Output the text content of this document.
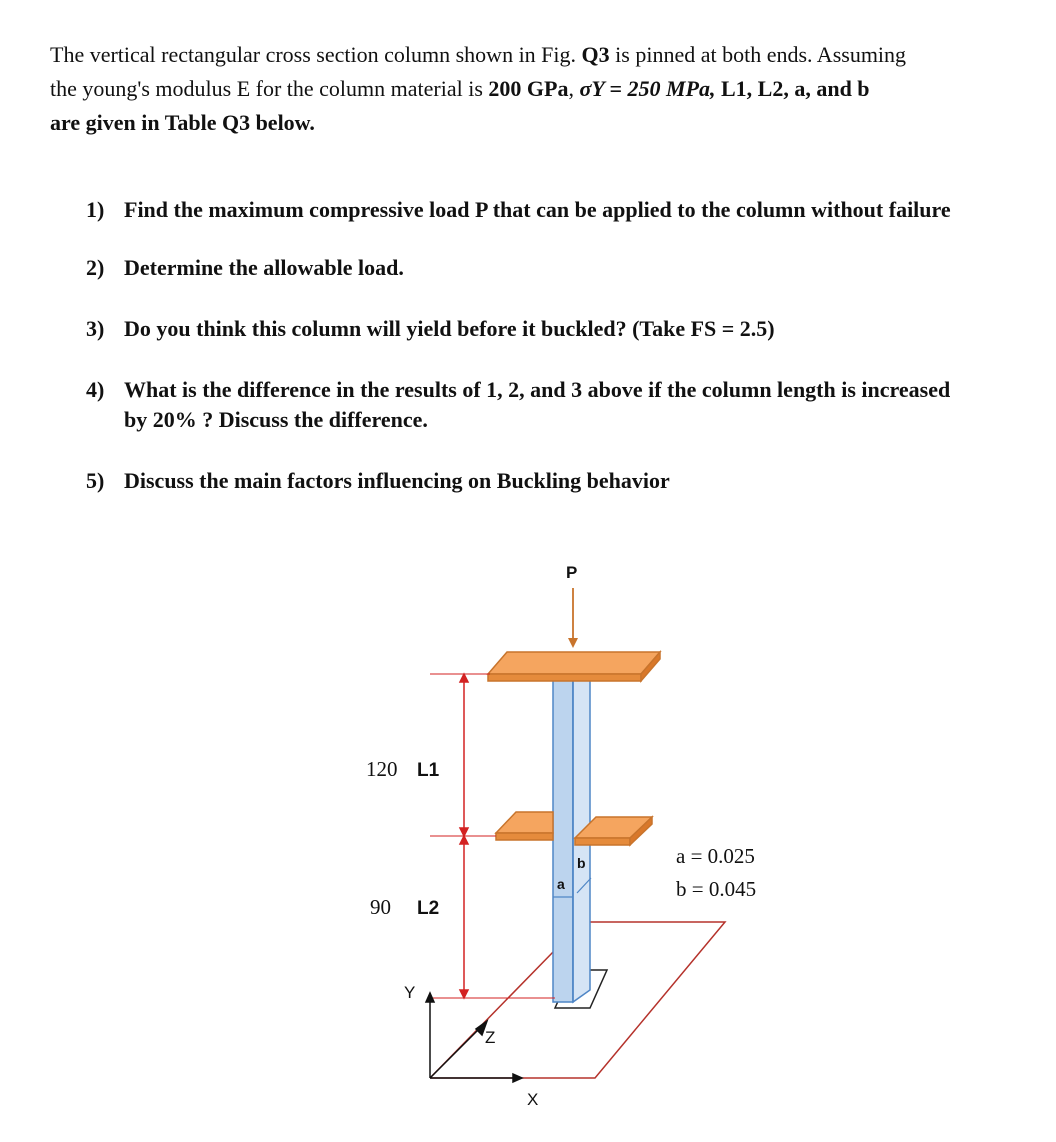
The vertical rectangular cross section column shown in Fig. Q3 is pinned at both ends. Assuming
the young's modulus E for the column material is 200 GPa, σY = 250 MPa, L1, L2, a, and b
are given in Table Q3 below.
1) Find the maximum compressive load P that can be applied to the column without failure
2) Determine the allowable load.
3) Do you think this column will yield before it buckled? (Take FS = 2.5)
4) What is the difference in the results of 1, 2, and 3 above if the column length is increased
by 20% ? Discuss the difference.
5) Discuss the main factors influencing on Buckling behavior
P
120 L1
90 L2
a
b	a = 0.025
b = 0.045
Y
Z
X
